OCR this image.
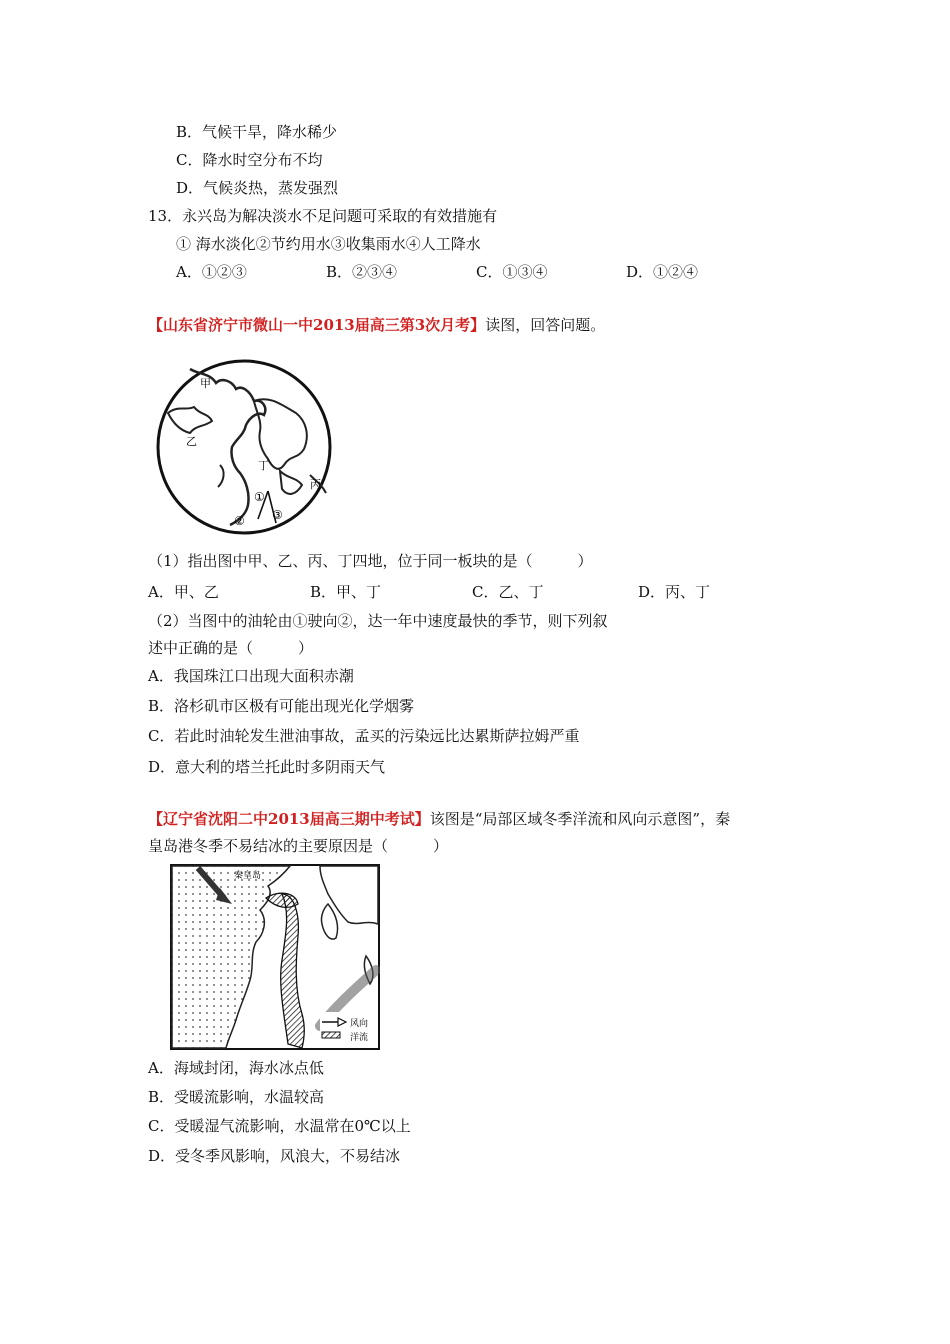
B．气候干旱，降水稀少
C．降水时空分布不均
D．气候炎热，蒸发强烈
13．永兴岛为解决淡水不足问题可采取的有效措施有
① 海水淡化②节约用水③收集雨水④人工降水
A．①②③	B．②③④	C．①③④	D．①②④
【山东省济宁市微山一中2013届高三第3次月考】读图，回答问题。
甲
乙
丙
丁
①
② ③
（1）指出图中甲、乙、丙、丁四地，位于同一板块的是（　　　）
A．甲、乙	B．甲、丁	C．乙、丁	D．丙、丁
（2）当图中的油轮由①驶向②，达一年中速度最快的季节，则下列叙
述中正确的是（　　　）
A．我国珠江口出现大面积赤潮
B．洛杉矶市区极有可能出现光化学烟雾
C．若此时油轮发生泄油事故，孟买的污染远比达累斯萨拉姆严重
D．意大利的塔兰托此时多阴雨天气
【辽宁省沈阳二中2013届高三期中考试】该图是“局部区域冬季洋流和风向示意图”，秦
皇岛港冬季不易结冰的主要原因是（　　　）
秦皇岛
风向
洋流
A．海域封闭，海水冰点低
B．受暖流影响，水温较高
C．受暖湿气流影响，水温常在0℃以上
D．受冬季风影响，风浪大，不易结冰
